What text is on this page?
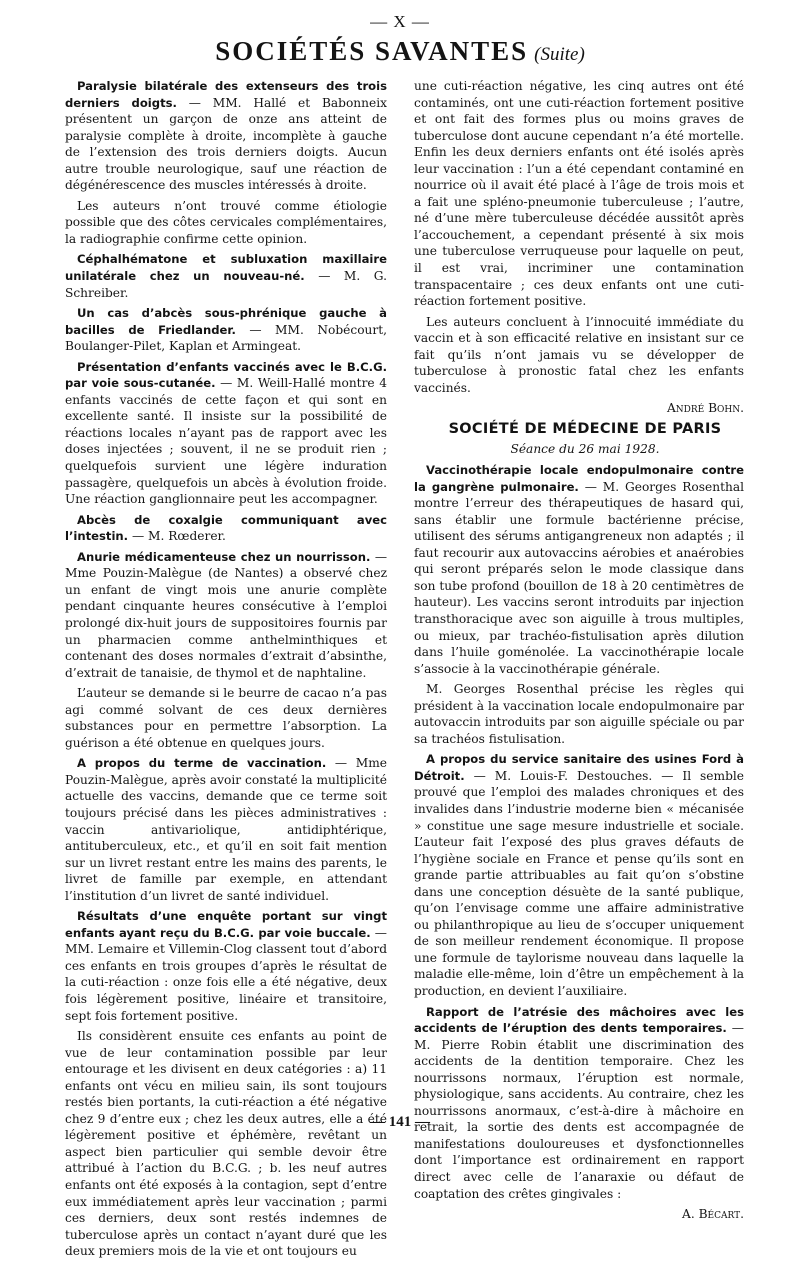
— X —
SOCIÉTÉS SAVANTES (Suite)

Paralysie bilatérale des extenseurs des trois derniers doigts. — MM. Hallé et Babonneix présentent un garçon de onze ans atteint de paralysie complète à droite, incomplète à gauche de l’extension des trois derniers doigts. Aucun autre trouble neurologique, sauf une réaction de dégénérescence des muscles intéressés à droite.

Les auteurs n’ont trouvé comme étiologie possible que des côtes cervicales complémentaires, la radiographie confirme cette opinion.

Céphalhématone et subluxation maxillaire unilatérale chez un nouveau-né. — M. G. Schreiber.

Un cas d’abcès sous-phrénique gauche à bacilles de Friedlander. — MM. Nobécourt, Boulanger-Pilet, Kaplan et Armingeat.

Présentation d’enfants vaccinés avec le B.C.G. par voie sous-cutanée. — M. Weill-Hallé montre 4 enfants vaccinés de cette façon et qui sont en excellente santé. Il insiste sur la possibilité de réactions locales n’ayant pas de rapport avec les doses injectées ; souvent, il ne se produit rien ; quelquefois survient une légère induration passagère, quelquefois un abcès à évolution froide. Une réaction ganglionnaire peut les accompagner.

Abcès de coxalgie communiquant avec l’intestin. — M. Rœderer.

Anurie médicamenteuse chez un nourrisson. — Mme Pouzin-Malègue (de Nantes) a observé chez un enfant de vingt mois une anurie complète pendant cinquante heures consécutive à l’emploi prolongé dix-huit jours de suppositoires fournis par un pharmacien comme anthelminthiques et contenant des doses normales d’extrait d’absinthe, d’extrait de tanaisie, de thymol et de naphtaline.

L’auteur se demande si le beurre de cacao n’a pas agi commé solvant de ces deux dernières substances pour en permettre l’absorption. La guérison a été obtenue en quelques jours.

A propos du terme de vaccination. — Mme Pouzin-Malègue, après avoir constaté la multiplicité actuelle des vaccins, demande que ce terme soit toujours précisé dans les pièces administratives : vaccin antivariolique, antidiphtérique, antituberculeux, etc., et qu’il en soit fait mention sur un livret restant entre les mains des parents, le livret de famille par exemple, en attendant l’institution d’un livret de santé individuel.

Résultats d’une enquête portant sur vingt enfants ayant reçu du B.C.G. par voie buccale. — MM. Lemaire et Villemin-Clog classent tout d’abord ces enfants en trois groupes d’après le résultat de la cuti-réaction : onze fois elle a été négative, deux fois légèrement positive, linéaire et transitoire, sept fois fortement positive.

Ils considèrent ensuite ces enfants au point de vue de leur contamination possible par leur entourage et les divisent en deux catégories : a) 11 enfants ont vécu en milieu sain, ils sont toujours restés bien portants, la cuti-réaction a été négative chez 9 d’entre eux ; chez les deux autres, elle a été légèrement positive et éphémère, revêtant un aspect bien particulier qui semble devoir être attribué à l’action du B.C.G. ; b. les neuf autres enfants ont été exposés à la contagion, sept d’entre eux immédiatement après leur vaccination ; parmi ces derniers, deux sont restés indemnes de tuberculose après un contact n’ayant duré que les deux premiers mois de la vie et ont toujours eu

une cuti-réaction négative, les cinq autres ont été contaminés, ont une cuti-réaction fortement positive et ont fait des formes plus ou moins graves de tuberculose dont aucune cependant n’a été mortelle. Enfin les deux derniers enfants ont été isolés après leur vaccination : l’un a été cependant contaminé en nourrice où il avait été placé à l’âge de trois mois et a fait une spléno-pneumonie tuberculeuse ; l’autre, né d’une mère tuberculeuse décédée aussitôt après l’accouchement, a cependant présenté à six mois une tuberculose verruqueuse pour laquelle on peut, il est vrai, incriminer une contamination transpacentaire ; ces deux enfants ont une cuti-réaction fortement positive.

Les auteurs concluent à l’innocuité immédiate du vaccin et à son efficacité relative en insistant sur ce fait qu’ils n’ont jamais vu se développer de tuberculose à pronostic fatal chez les enfants vaccinés.

André Bohn.

SOCIÉTÉ DE MÉDECINE DE PARIS

Séance du 26 mai 1928.

Vaccinothérapie locale endopulmonaire contre la gangrène pulmonaire. — M. Georges Rosenthal montre l’erreur des thérapeutiques de hasard qui, sans établir une formule bactérienne précise, utilisent des sérums antigangreneux non adaptés ; il faut recourir aux autovaccins aérobies et anaérobies qui seront préparés selon le mode classique dans son tube profond (bouillon de 18 à 20 centimètres de hauteur). Les vaccins seront introduits par injection transthoracique avec son aiguille à trous multiples, ou mieux, par trachéo-fistulisation après dilution dans l’huile goménolée. La vaccinothérapie locale s’associe à la vaccinothérapie générale.

M. Georges Rosenthal précise les règles qui président à la vaccination locale endopulmonaire par autovaccin introduits par son aiguille spéciale ou par sa trachéos fistulisation.

A propos du service sanitaire des usines Ford à Détroit. — M. Louis-F. Destouches. — Il semble prouvé que l’emploi des malades chroniques et des invalides dans l’industrie moderne bien « mécanisée » constitue une sage mesure industrielle et sociale. L’auteur fait l’exposé des plus graves défauts de l’hygiène sociale en France et pense qu’ils sont en grande partie attribuables au fait qu’on s’obstine dans une conception désuète de la santé publique, qu’on l’envisage comme une affaire administrative ou philanthropique au lieu de s’occuper uniquement de son meilleur rendement économique. Il propose une formule de taylorisme nouveau dans laquelle la maladie elle-même, loin d’être un empêchement à la production, en devient l’auxiliaire.

Rapport de l’atrésie des mâchoires avec les accidents de l’éruption des dents temporaires. — M. Pierre Robin établit une discrimination des accidents de la dentition temporaire. Chez les nourrissons normaux, l’éruption est normale, physiologique, sans accidents. Au contraire, chez les nourrissons anormaux, c’est-à-dire à mâchoire en retrait, la sortie des dents est accompagnée de manifestations douloureuses et dysfonctionnelles dont l’importance est ordinairement en rapport direct avec celle de l’anaraxie ou défaut de coaptation des crêtes gingivales :

A. Bécart.

— 141 —
